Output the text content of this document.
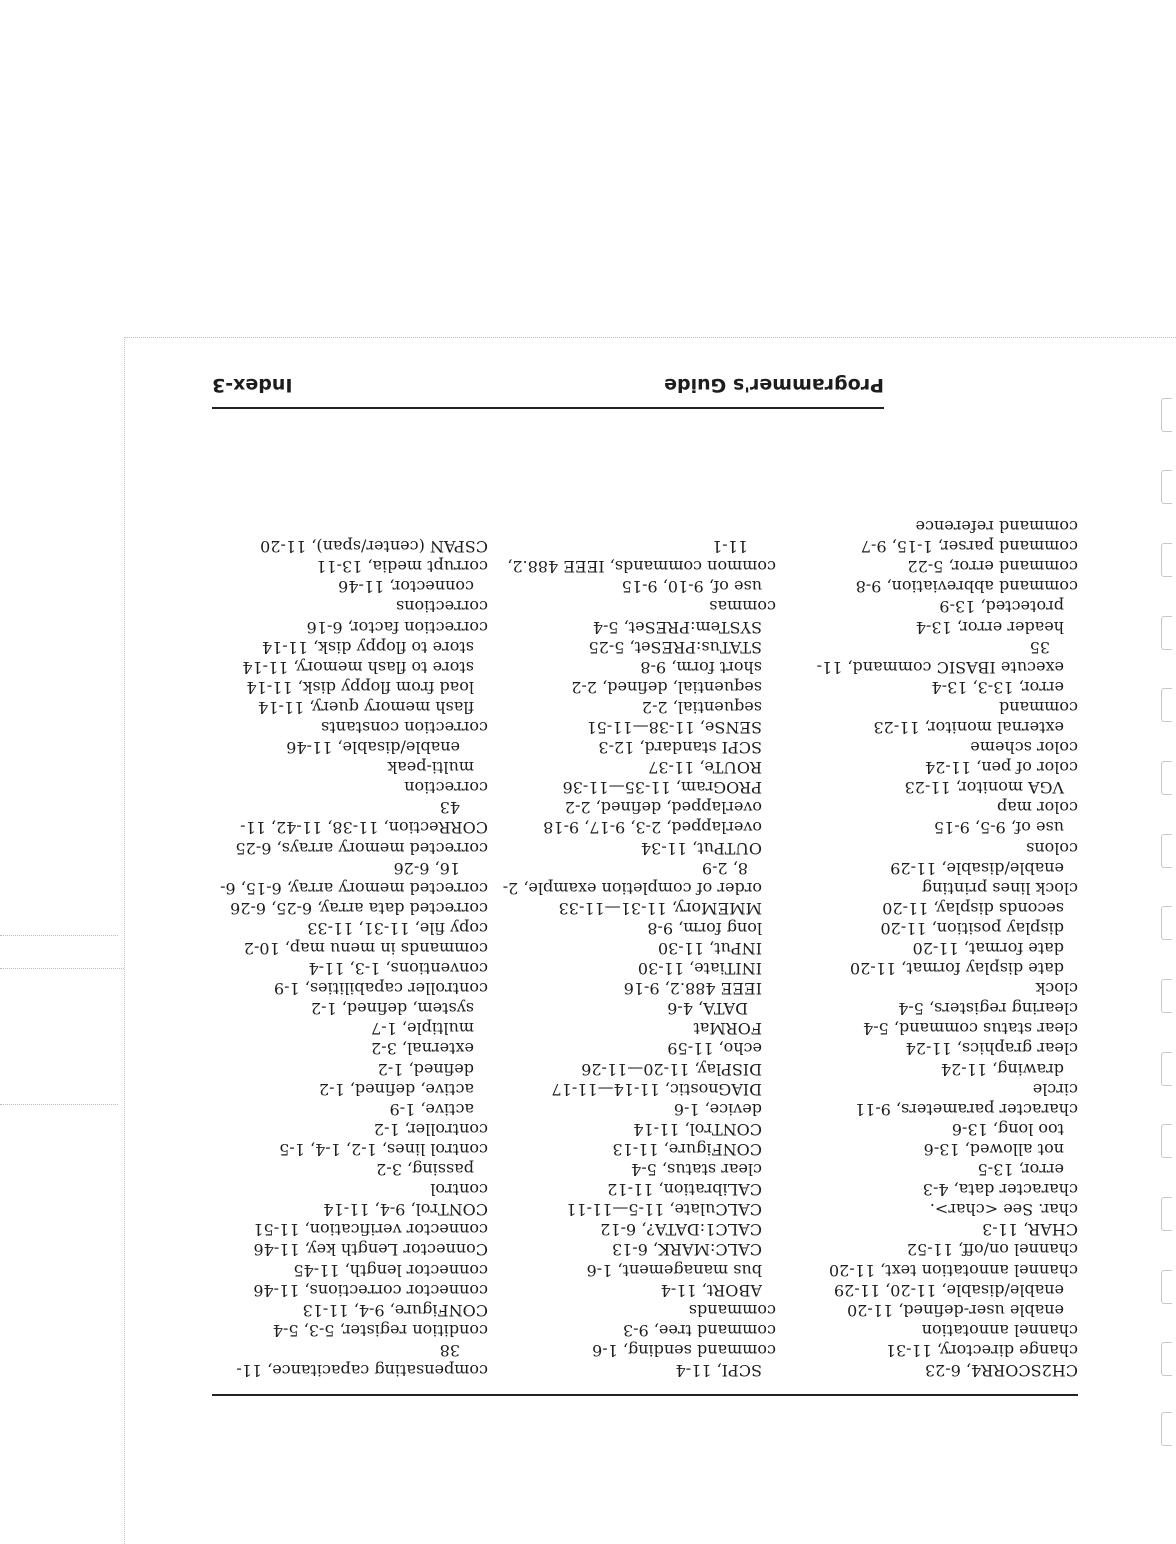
CH2SCORR4, 6-23
change directory, 11-31
channel annotation
enable user-defined, 11-20
enable/disable, 11-20, 11-29
channel annotation text, 11-20
channel on/off, 11-52
CHAR, 11-3
char. See <char>.
character data, 4-3
error, 13-5
not allowed, 13-6
too long, 13-6
character parameters, 9-11
circle
drawing, 11-24
clear graphics, 11-24
clear status command, 5-4
clearing registers, 5-4
clock
date display format, 11-20
date format, 11-20
display position, 11-20
seconds display, 11-20
clock lines printing
enable/disable, 11-29
colons
use of, 9-5, 9-15
color map
VGA monitor, 11-23
color of pen, 11-24
color scheme
external monitor, 11-23
command
error, 13-3, 13-4
execute IBASIC command, 11-
35
header error, 13-4
protected, 13-9
command abbreviation, 9-8
command error, 5-22
command parser, 1-15, 9-7
command reference
SCPI, 11-4
command sending, 1-6
command tree, 9-3
commands
ABORt, 11-4
bus management, 1-6
CALC:MARK, 6-13
CALC1:DATA?, 6-12
CALCulate, 11-5—11-11
CALibration, 11-12
clear status, 5-4
CONFigure, 11-13
CONTrol, 11-14
device, 1-6
DIAGnostic, 11-14—11-17
DISPlay, 11-20—11-26
echo, 11-59
FORMat
DATA, 4-6
IEEE 488.2, 9-16
INITiate, 11-30
INPut, 11-30
long form, 9-8
MMEMory, 11-31—11-33
order of completion example, 2-
8, 2-9
OUTPut, 11-34
overlapped, 2-3, 9-17, 9-18
overlapped, defined, 2-2
PROGram, 11-35—11-36
ROUTe, 11-37
SCPI standard, 12-3
SENSe, 11-38—11-51
sequential, 2-2
sequential, defined, 2-2
short form, 9-8
STATus:PRESet, 5-25
SYSTem:PRESet, 5-4
commas
use of, 9-10, 9-15
common commands, IEEE 488.2,
11-1
compensating capacitance, 11-
38
condition register, 5-3, 5-4
CONFigure, 9-4, 11-13
connector corrections, 11-46
connector length, 11-45
Connector Length key, 11-46
connector verification, 11-51
CONTrol, 9-4, 11-14
control
passing, 3-2
control lines, 1-2, 1-4, 1-5
controller, 1-2
active, 1-9
active, defined, 1-2
defined, 1-2
external, 3-2
multiple, 1-7
system, defined, 1-2
controller capabilities, 1-9
conventions, 1-3, 11-4
commands in menu map, 10-2
copy file, 11-31, 11-33
corrected data array, 6-25, 6-26
corrected memory array, 6-15, 6-
16, 6-26
corrected memory arrays, 6-25
CORRection, 11-38, 11-42, 11-
43
correction
multi-peak
enable/disable, 11-46
correction constants
flash memory query, 11-14
load from floppy disk, 11-14
store to flash memory, 11-14
store to floppy disk, 11-14
correction factor, 6-16
corrections
connector, 11-46
corrupt media, 13-11
CSPAN (center/span), 11-20
Programmer's Guide
Index-3
